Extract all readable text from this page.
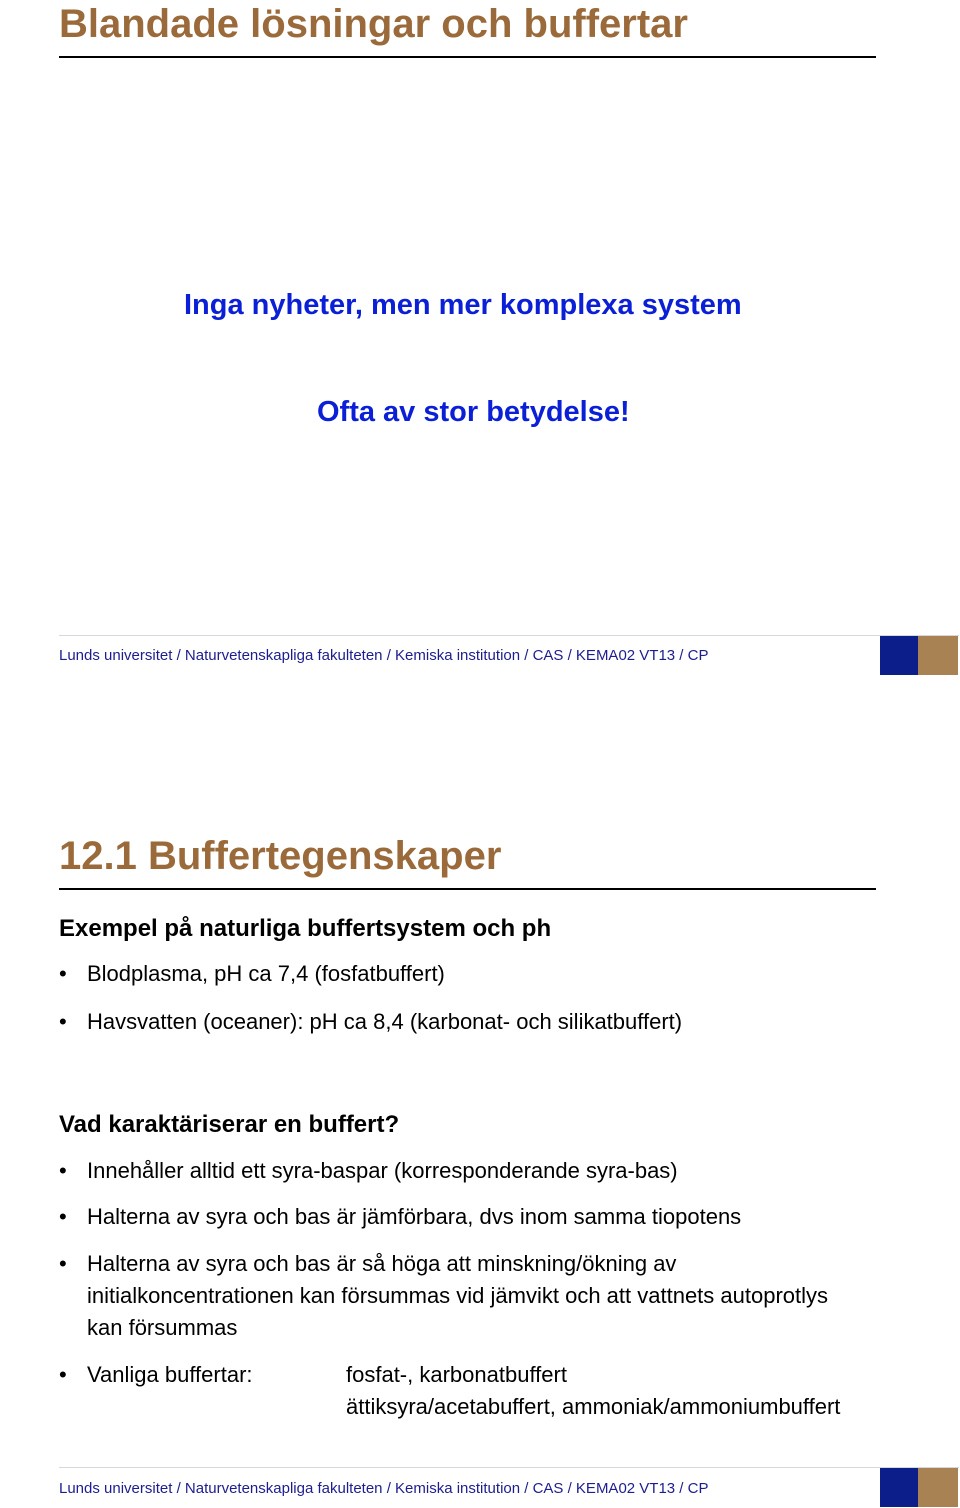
Blandade lösningar och buffertar
Inga nyheter, men mer komplexa system
Ofta av stor betydelse!
Lunds universitet / Naturvetenskapliga fakulteten / Kemiska institution / CAS / KEMA02 VT13 / CP
12.1 Buffertegenskaper
Exempel på naturliga buffertsystem och ph
• Blodplasma, pH ca 7,4 (fosfatbuffert)
• Havsvatten (oceaner): pH ca 8,4 (karbonat- och silikatbuffert)
Vad karaktäriserar en buffert?
• Innehåller alltid ett syra-baspar (korresponderande syra-bas)
• Halterna av syra och bas är jämförbara, dvs inom samma tiopotens
• Halterna av syra och bas är så höga att minskning/ökning av
initialkoncentrationen kan försummas vid jämvikt och att vattnets autoprotlys
kan försummas
• Vanliga buffertar:	fosfat-, karbonatbuffert
ättiksyra/acetabuffert, ammoniak/ammoniumbuffert
Lunds universitet / Naturvetenskapliga fakulteten / Kemiska institution / CAS / KEMA02 VT13 / CP
